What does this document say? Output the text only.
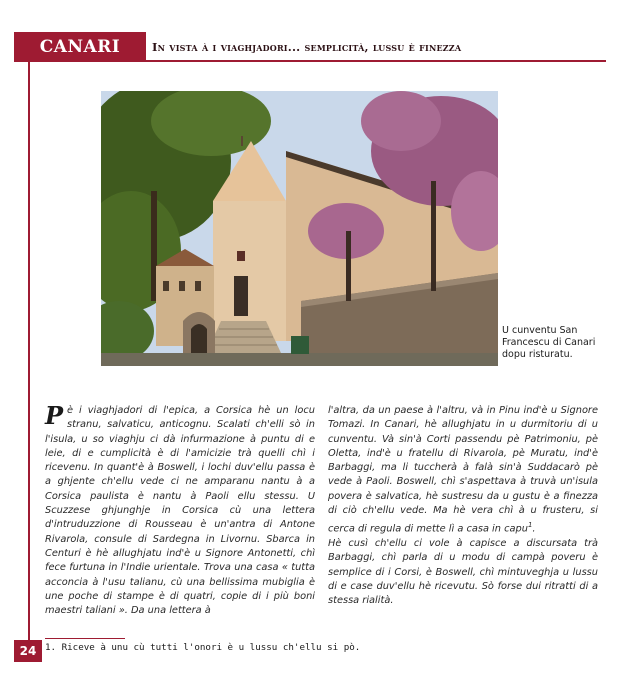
CANARI	In vista à i viaghjadori... semplicità, lussu è finezza
U cunventu San Francescu di Canari dopu risturatu.

Pè i viaghjadori di l'epica, a Corsica hè un locu stranu, salvaticu, anticognu. Scalati ch'elli sò in l'isula, u so viaghju ci dà infurmazione à puntu di e leie, di e cumplicità è di l'amicizie trà quelli chì i ricevenu. In quant'è à Boswell, i lochi duv'ellu passa è a ghjente ch'ellu vede ci ne amparanu nantu à a Corsica paulista è nantu à Paoli ellu stessu. U Scuzzese ghjunghje in Corsica cù una lettera d'intruduzzione di Rousseau è un'antra di Antone Rivarola, consule di Sardegna in Livornu. Sbarca in Centuri è hè allughjatu ind'è u Signore Antonetti, chì fece furtuna in l'Indie urientale. Trova una casa « tutta acconcia à l'usu talianu, cù una bellissima mubiglia è une poche di stampe è di quatri, copie di i più boni maestri taliani ». Da una lettera à

l'altra, da un paese à l'altru, và in Pinu ind'è u Signore Tomazi. In Canari, hè allughjatu in u durmitoriu di u cunventu. Và sin'à Corti passendu pè Patrimoniu, pè Oletta, ind'è u fratellu di Rivarola, pè Muratu, ind'è Barbaggi, ma li tuccherà à falà sin'à Suddacarò pè vede à Paoli. Boswell, chì s'aspettava à truvà un'isula povera è salvatica, hè sustresu da u gustu è a finezza di ciò ch'ellu vede. Ma hè vera chì à u frusteru, si cerca di regula di mette lì a casa in capu$^1$.

Hè cusì ch'ellu ci vole à capisce a discursata trà Barbaggi, chì parla di u modu di campà poveru è semplice di i Corsi, è Boswell, chì mintuveghja u lussu di e case duv'ellu hè ricevutu. Sò forse dui ritratti di a stessa rialità.

1. Riceve à unu cù tutti l'onori è u lussu ch'ellu si pò.
24
